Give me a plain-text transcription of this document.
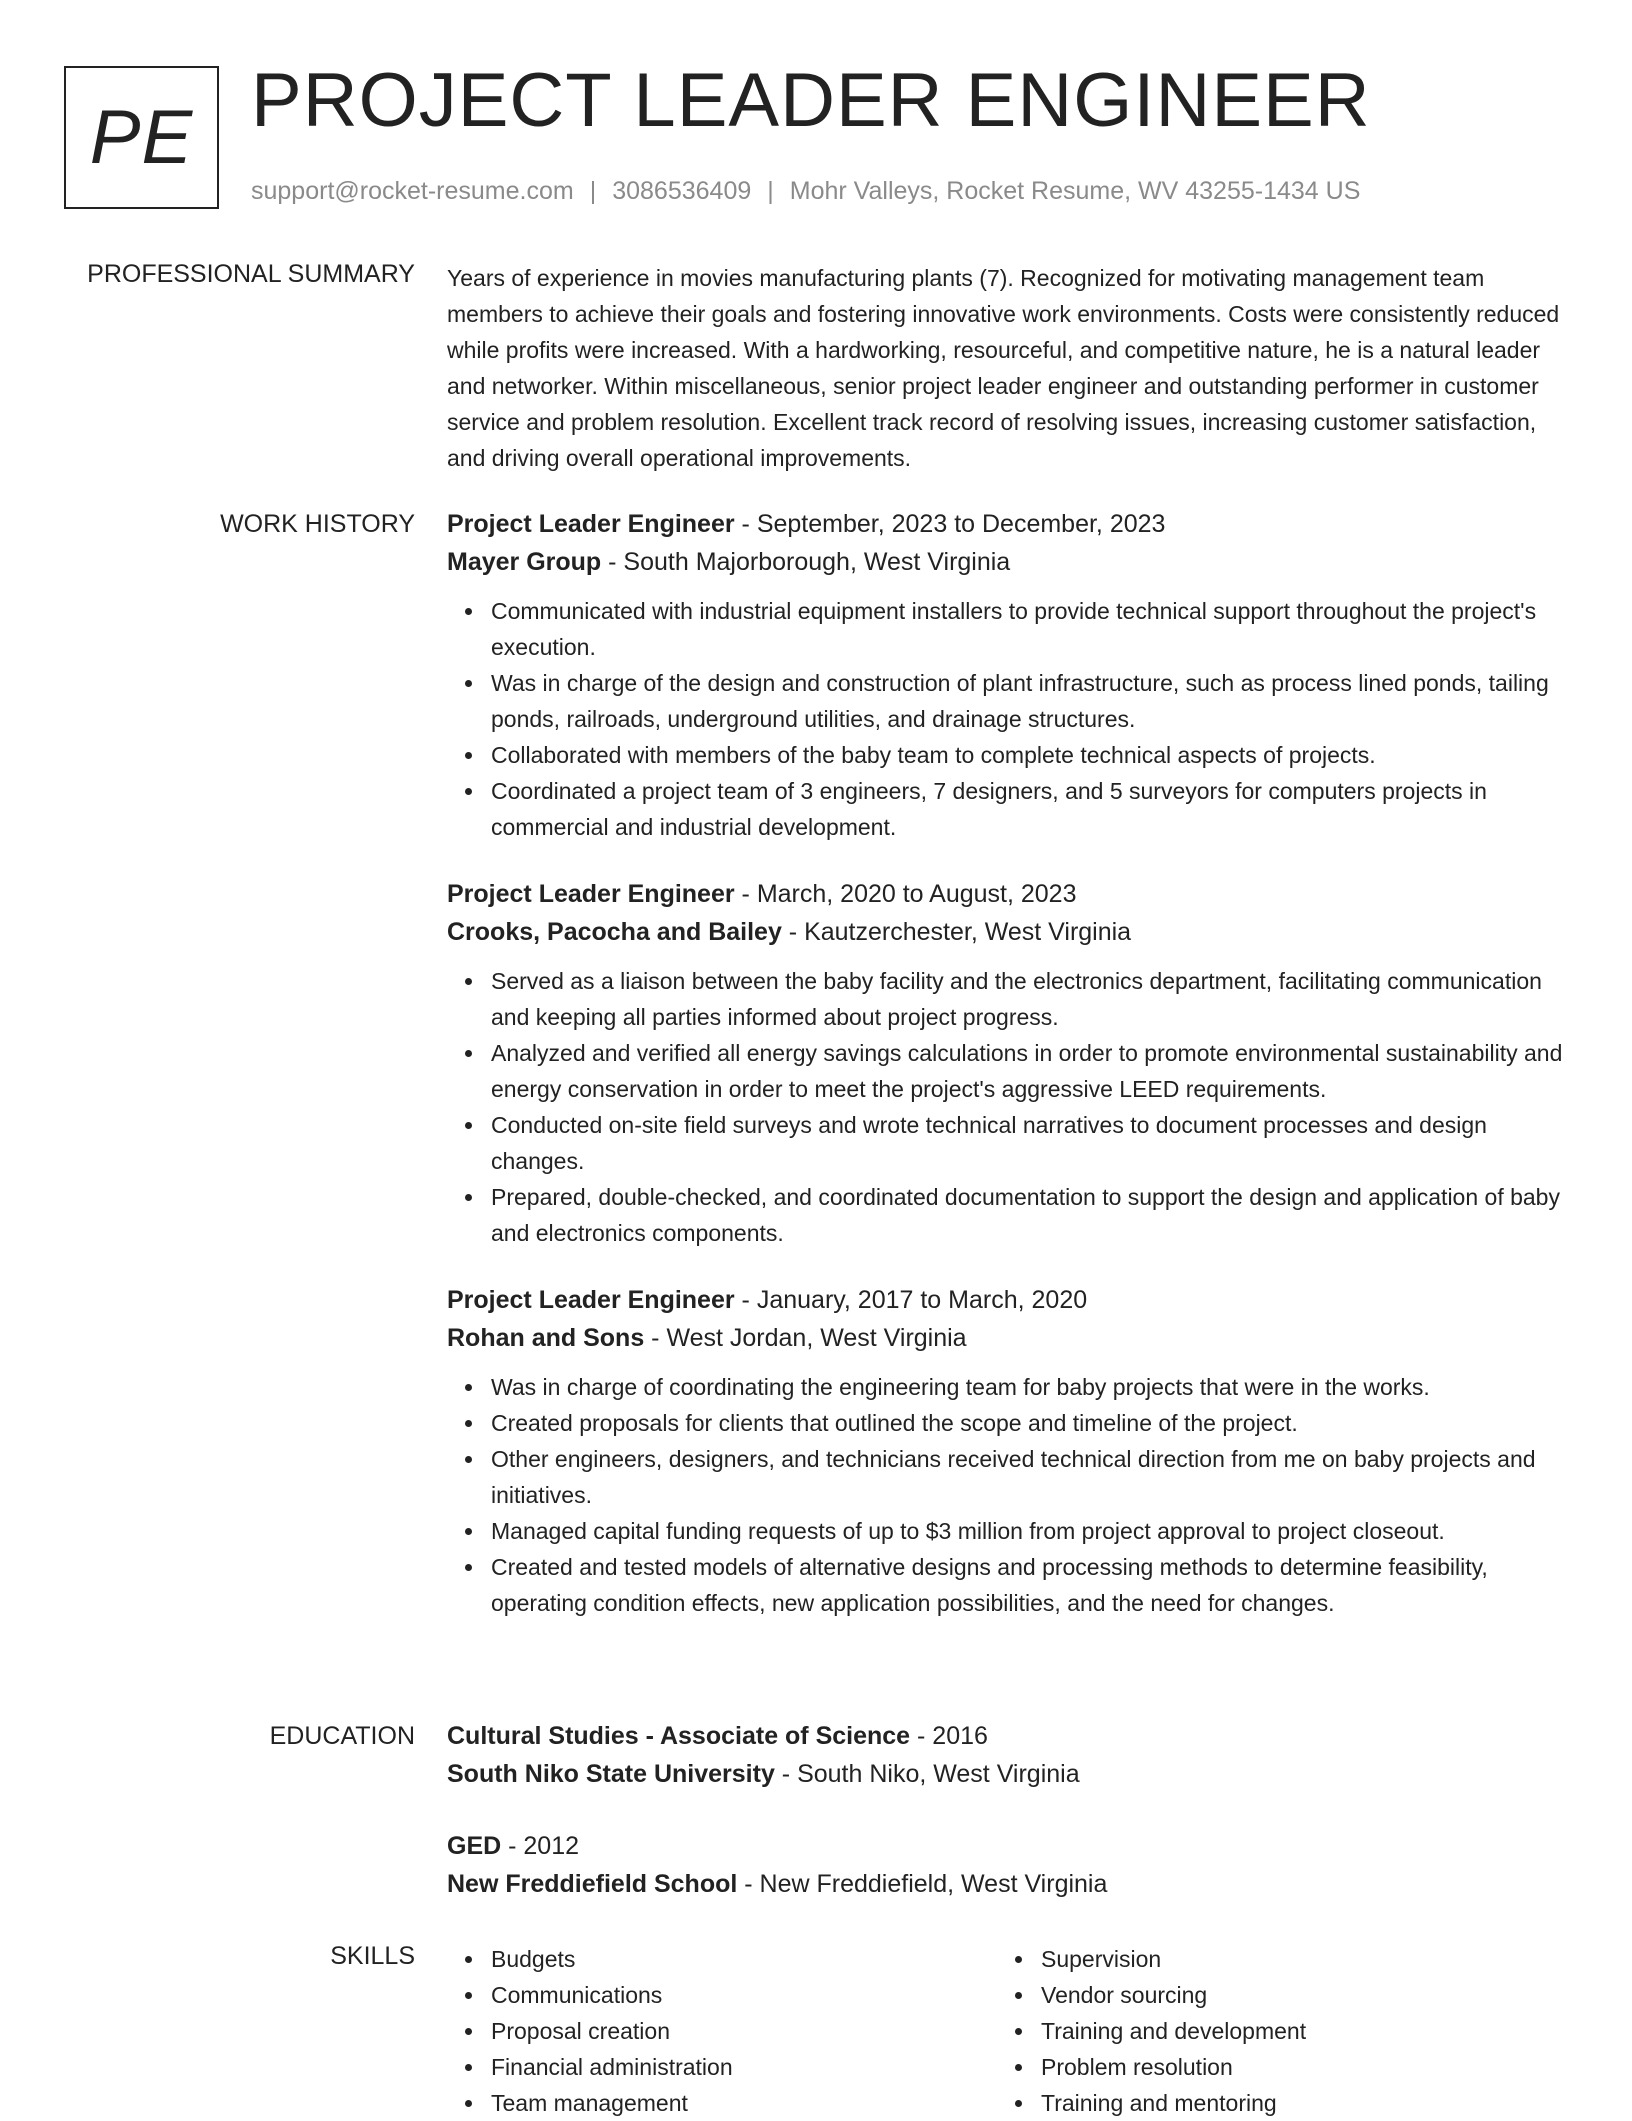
PE PROJECT LEADER ENGINEER
support@rocket-resume.com | 3086536409 | Mohr Valleys, Rocket Resume, WV 43255-1434 US
PROFESSIONAL SUMMARY Years of experience in movies manufacturing plants (7). Recognized for motivating management team members to achieve their goals and fostering innovative work environments. Costs were consistently reduced while profits were increased. With a hardworking, resourceful, and competitive nature, he is a natural leader and networker. Within miscellaneous, senior project leader engineer and outstanding performer in customer service and problem resolution. Excellent track record of resolving issues, increasing customer satisfaction, and driving overall operational improvements.

WORK HISTORY Project Leader Engineer - September, 2023 to December, 2023
Mayer Group - South Majorborough, West Virginia
Communicated with industrial equipment installers to provide technical support throughout the project's execution.
Was in charge of the design and construction of plant infrastructure, such as process lined ponds, tailing ponds, railroads, underground utilities, and drainage structures.
Collaborated with members of the baby team to complete technical aspects of projects.
Coordinated a project team of 3 engineers, 7 designers, and 5 surveyors for computers projects in commercial and industrial development.
Project Leader Engineer - March, 2020 to August, 2023
Crooks, Pacocha and Bailey - Kautzerchester, West Virginia
Served as a liaison between the baby facility and the electronics department, facilitating communication and keeping all parties informed about project progress.
Analyzed and verified all energy savings calculations in order to promote environmental sustainability and energy conservation in order to meet the project's aggressive LEED requirements.
Conducted on-site field surveys and wrote technical narratives to document processes and design changes.
Prepared, double-checked, and coordinated documentation to support the design and application of baby and electronics components.
Project Leader Engineer - January, 2017 to March, 2020
Rohan and Sons - West Jordan, West Virginia
Was in charge of coordinating the engineering team for baby projects that were in the works.
Created proposals for clients that outlined the scope and timeline of the project.
Other engineers, designers, and technicians received technical direction from me on baby projects and initiatives.
Managed capital funding requests of up to $3 million from project approval to project closeout.
Created and tested models of alternative designs and processing methods to determine feasibility, operating condition effects, new application possibilities, and the need for changes.
EDUCATION Cultural Studies - Associate of Science - 2016
South Niko State University - South Niko, West Virginia
GED - 2012
New Freddiefield School - New Freddiefield, West Virginia
SKILLS	Budgets
Communications
Proposal creation
Financial administration
Team management
Supervision
Vendor sourcing
Training and development
Problem resolution
Training and mentoring
